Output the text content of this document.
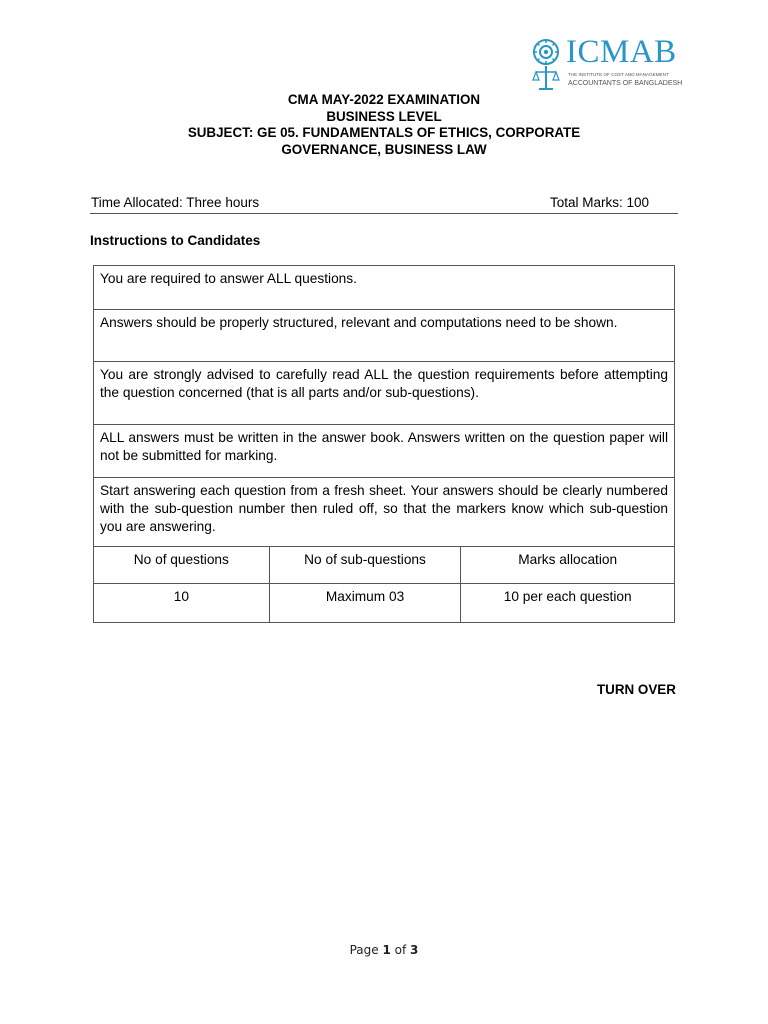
ICMAB
THE INSTITUTE OF COST AND MANAGEMENT
ACCOUNTANTS OF BANGLADESH
CMA MAY-2022 EXAMINATION
BUSINESS LEVEL
SUBJECT: GE 05. FUNDAMENTALS OF ETHICS, CORPORATE
GOVERNANCE, BUSINESS LAW
Time Allocated: Three hours	Total Marks: 100
Instructions to Candidates
You are required to answer ALL questions.		
Answers should be properly structured, relevant and computations need to be shown.		
You are strongly advised to carefully read ALL the question requirements before attempting the question concerned (that is all parts and/or sub-questions).		
ALL answers must be written in the answer book. Answers written on the question paper will not be submitted for marking.		
Start answering each question from a fresh sheet. Your answers should be clearly numbered with the sub-question number then ruled off, so that the markers know which sub-question you are answering.		
No of questions	No of sub-questions	Marks allocation
10	Maximum 03	10 per each question
TURN OVER
Page 1 of 3
